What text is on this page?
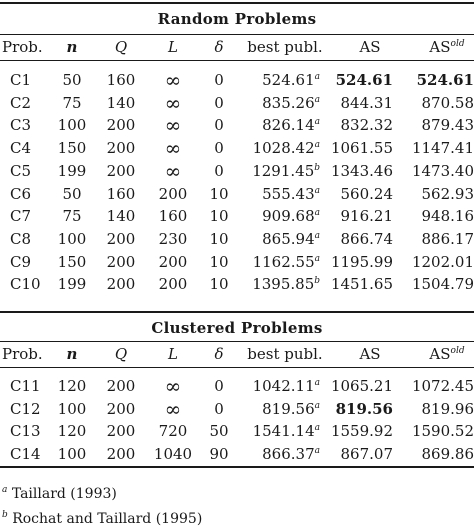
Random Problems
Prob. n Q	L δ best publ. AS	$AS^{old}$
C1 50 160 ∞ 0	524.61$^a$ 524.61 524.61
C2 75 140 ∞ 0	835.26$^a$ 844.31 870.58
C3 100 200 ∞ 0	826.14$^a$ 832.32 879.43
C4 150 200 ∞ 0 1028.42$^a$ 1061.55 1147.41
C5 199 200 ∞ 0 1291.45$^b$ 1343.46 1473.40
C6 50 160 200 10 555.43$^a$ 560.24 562.93
C7 75 140 160 10 909.68$^a$ 916.21 948.16
C8 100 200 230 10 865.94$^a$ 866.74 886.17
C9 150 200 200 10 1162.55$^a$ 1195.99 1202.01
C10 199 200 200 10 1395.85$^b$ 1451.65 1504.79
Clustered Problems
Prob. n Q	L δ best publ. AS	$AS^{old}$
C11 120 200 ∞ 0 1042.11$^a$ 1065.21 1072.45
C12 100 200 ∞ 0	819.56$^a$ 819.56 819.96
C13 120 200 720 50 1541.14$^a$ 1559.92 1590.52
C14 100 200 1040 90 866.37$^a$ 867.07 869.86
$^a$ Taillard (1993)
$^b$ Rochat and Taillard (1995)
